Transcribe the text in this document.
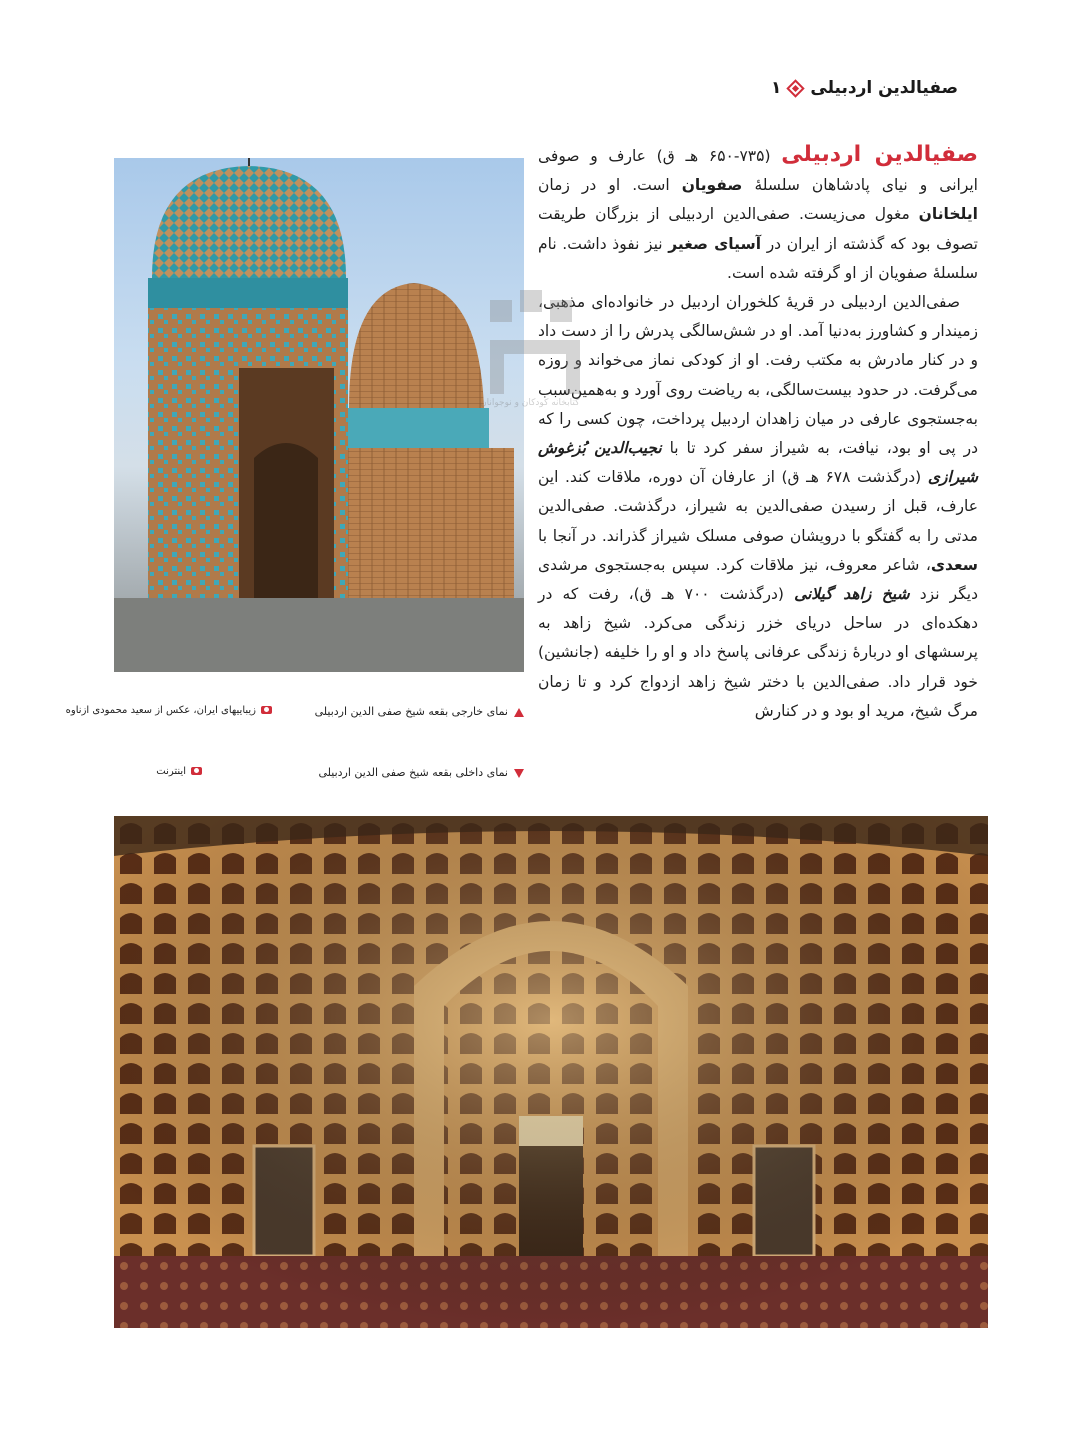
صفیالدین اردبیلی
۱
نمای خارجی بقعه شیخ صفی الدین اردبیلی
زیباییهای ایران، عکس از سعید محمودی ازناوه
نمای داخلی بقعه شیخ صفی الدین اردبیلی
اینترنت

صفیالدین اردبیلی (۷۳۵-۶۵۰ هـ ق) عارف و صوفی ایرانی و نیای پادشاهان سلسلۀ صفویان است. او در زمان ایلخانان مغول می‌زیست. صفی‌الدین اردبیلی از بزرگان طریقت تصوف بود که گذشته از ایران در آسیای صغیر نیز نفوذ داشت. نام سلسلۀ صفویان از او گرفته شده است.

صفی‌الدین اردبیلی در قریۀ کلخوران اردبیل در خانواده‌ای مذهبی، زمیندار و کشاورز به‌دنیا آمد. او در شش‌سالگی پدرش را از دست داد و در کنار مادرش به مکتب رفت. او از کودکی نماز می‌خواند و روزه می‌گرفت. در حدود بیست‌سالگی، به ریاضت روی آورد و به‌همین‌سبب به‌جستجوی عارفی در میان زاهدان اردبیل پرداخت، چون کسی را که در پی او بود، نیافت، به شیراز سفر کرد تا با نجیب‌الدین بُزغوش شیرازی (درگذشت ۶۷۸ هـ ق) از عارفان آن دوره، ملاقات کند. این عارف، قبل از رسیدن صفی‌الدین به شیراز، درگذشت. صفی‌الدین مدتی را به گفتگو با درویشان صوفی مسلک شیراز گذراند. در آنجا با سعدی، شاعر معروف، نیز ملاقات کرد. سپس به‌جستجوی مرشدی دیگر نزد شیخ زاهد گیلانی (درگذشت ۷۰۰ هـ ق)، رفت که در دهکده‌ای در ساحل دریای خزر زندگی می‌کرد. شیخ زاهد به پرسشهای او دربارۀ زندگی عرفانی پاسخ داد و او را خلیفه (جانشین) خود قرار داد. صفی‌الدین با دختر شیخ زاهد ازدواج کرد و تا زمان مرگ شیخ، مرید او بود و در کنارش

کتابخانه کودکان و نوجوانان
